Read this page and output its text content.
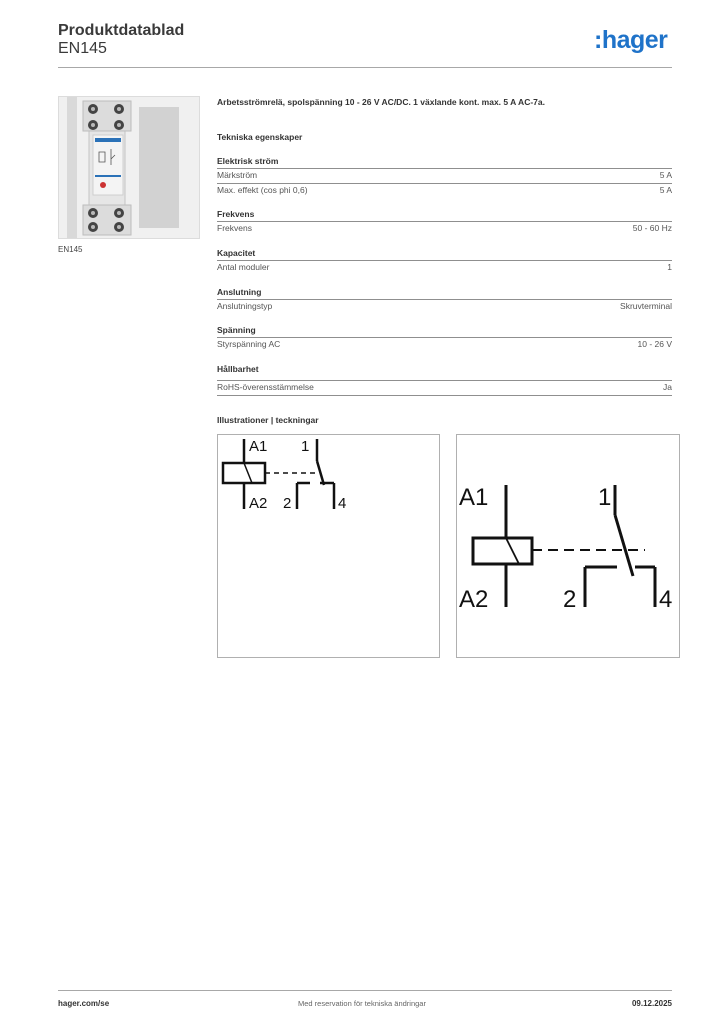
Produktdatablad
EN145	:hager
EN145
Arbetsströmrelä, spolspänning 10 - 26 V AC/DC. 1 växlande kont. max. 5 A AC-7a.
Tekniska egenskaper
Elektrisk ström
Märkström	5 A
Max. effekt (cos phi 0,6)	5 A
Frekvens
Frekvens	50 - 60 Hz
Kapacitet
Antal moduler	1
Anslutning
Anslutningstyp	Skruvterminal
Spänning
Styrspänning AC	10 - 26 V
Hållbarhet
RoHS-överensstämmelse	Ja
Illustrationer | teckningar
A1 1
A2 2	4	A1	1
A2	2	4
hager.com/se	Med reservation för tekniska ändringar	09.12.2025
